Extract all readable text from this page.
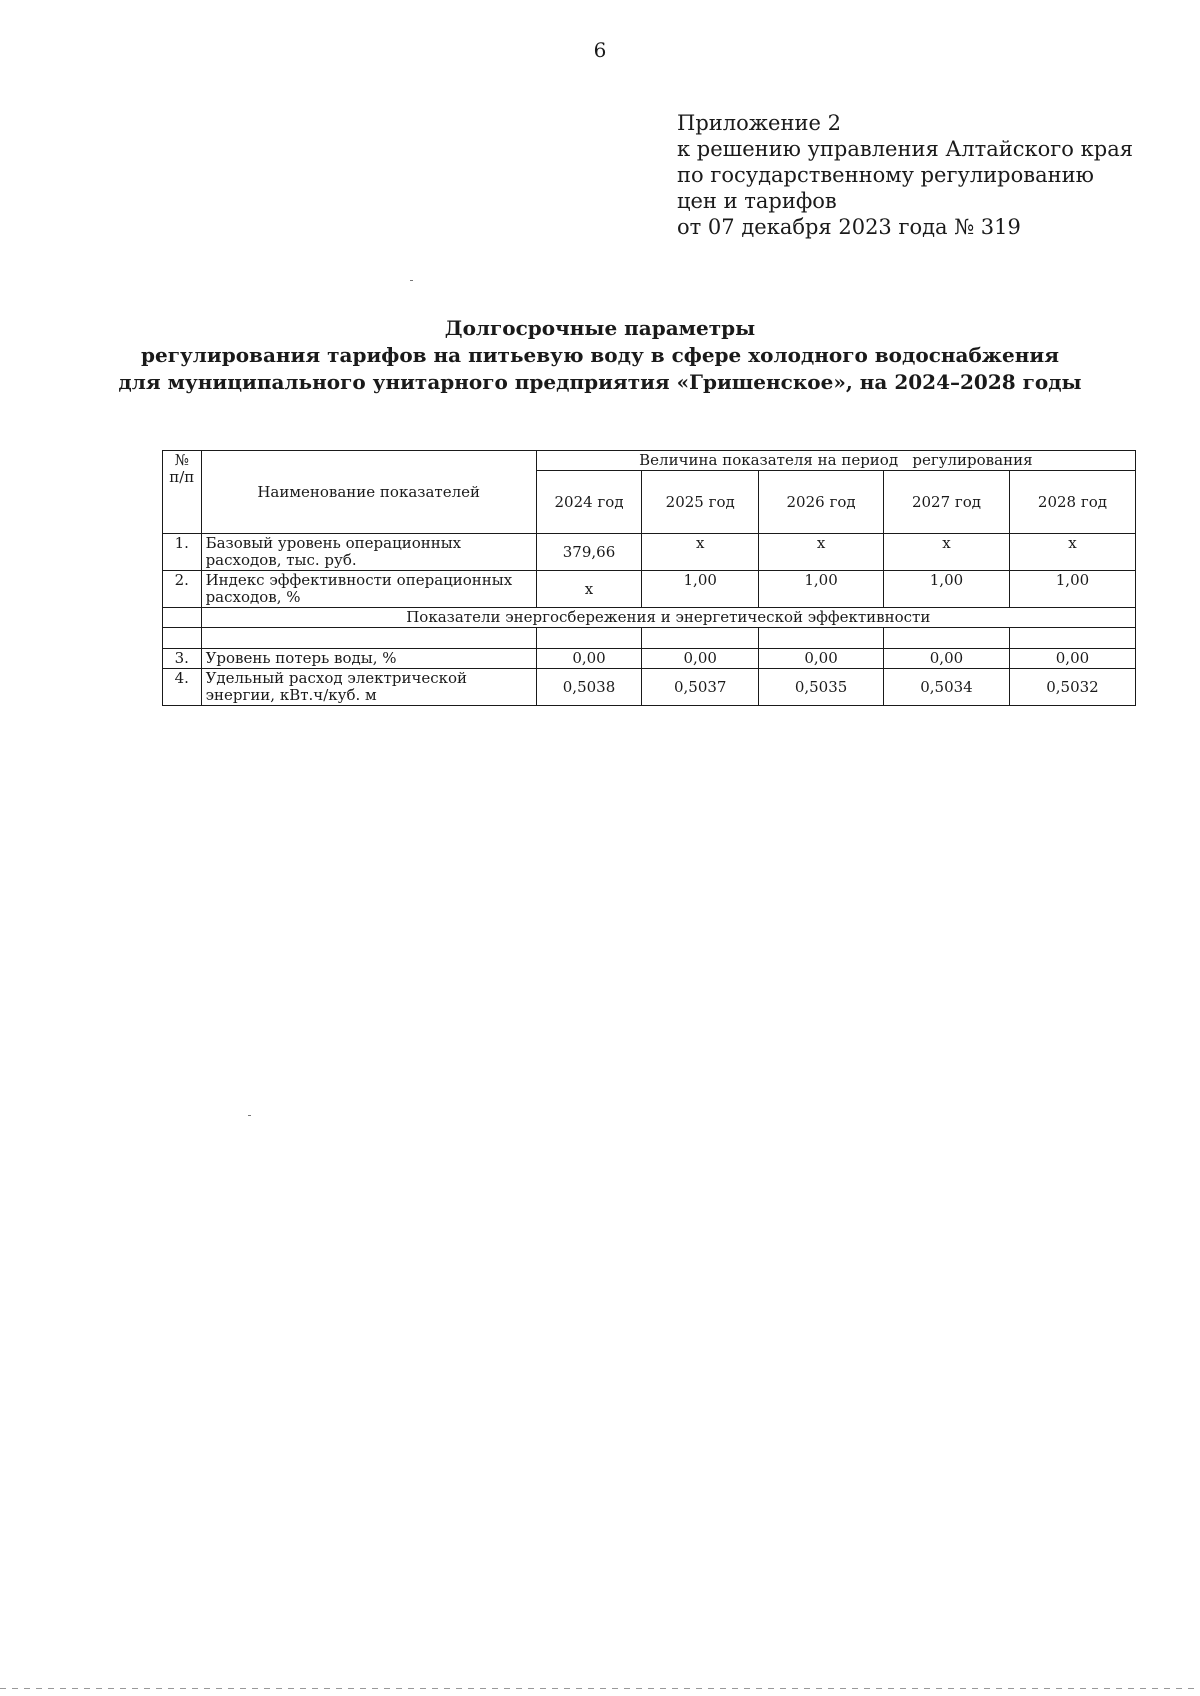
6
Приложение 2
к решению управления Алтайского края
по государственному регулированию
цен и тарифов
от 07 декабря 2023 года № 319
Долгосрочные параметры
регулирования тарифов на питьевую воду в сфере холодного водоснабжения
для муниципального унитарного предприятия «Гришенское», на 2024–2028 годы
№ п/п	Наименование показателей	Величина показателя на период   регулирования				
		2024 год	2025 год	2026 год	2027 год	2028 год
1.	Базовый уровень операционных расходов, тыс. руб.	379,66	х	х	х	х
2.	Индекс эффективности операционных расходов, %	х	1,00	1,00	1,00	1,00
	Показатели энергосбережения и энергетической эффективности					

3.	Уровень потерь воды, %	0,00	0,00	0,00	0,00	0,00
4.	Удельный расход электрической энергии, кВт.ч/куб. м	0,5038	0,5037	0,5035	0,5034	0,5032
